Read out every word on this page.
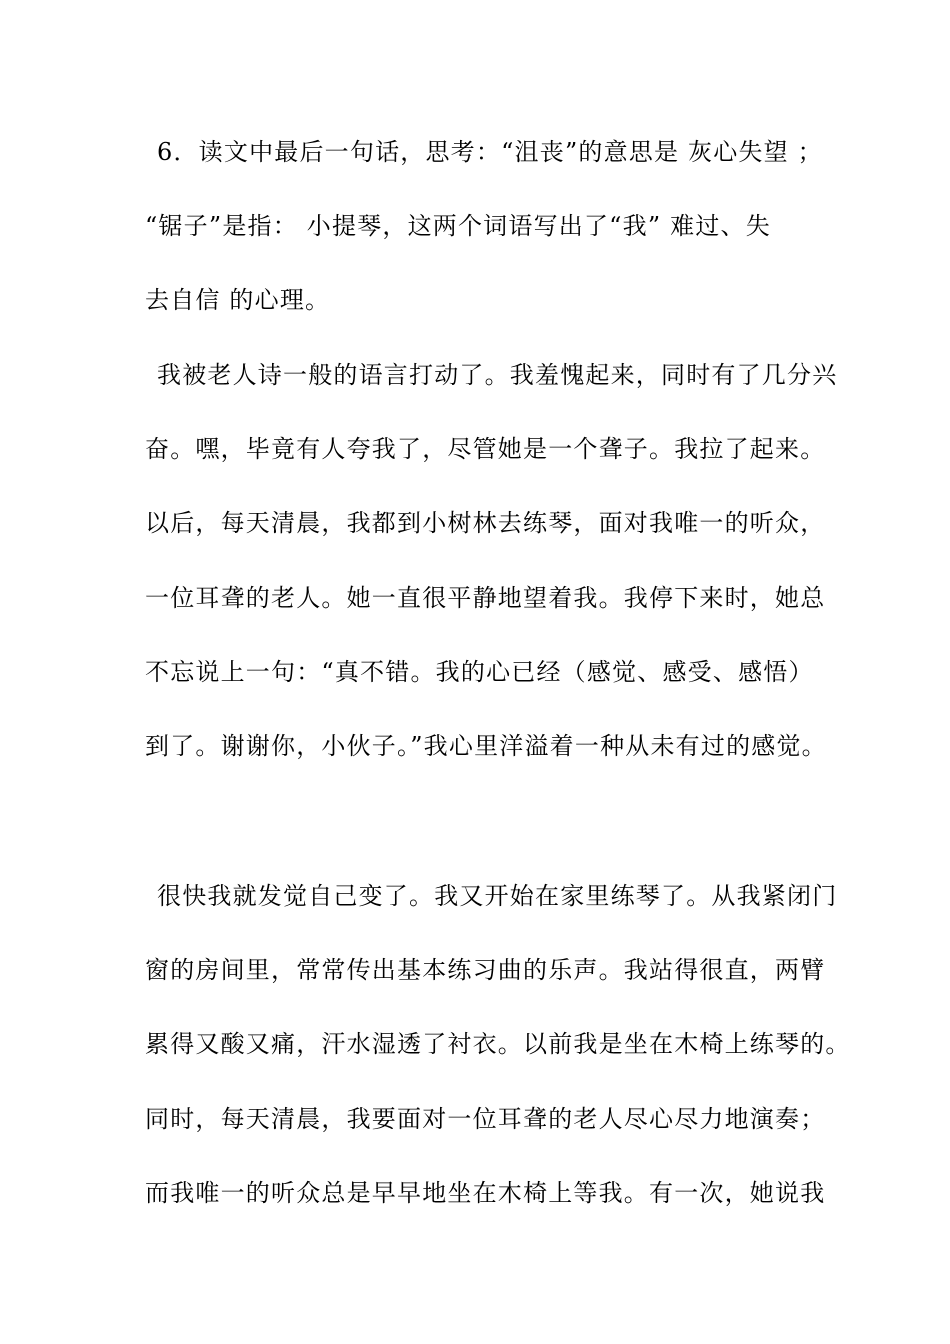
6．读文中最后一句话，思考：“沮丧”的意思是 灰心失望 ；
“锯子”是指： 小提琴，这两个词语写出了“我” 难过、失
去自信 的心理。
我被老人诗一般的语言打动了。我羞愧起来，同时有了几分兴
奋。嘿，毕竟有人夸我了，尽管她是一个聋子。我拉了起来。
以后，每天清晨，我都到小树林去练琴，面对我唯一的听众，
一位耳聋的老人。她一直很平静地望着我。我停下来时，她总
不忘说上一句：“真不错。我的心已经（感觉、感受、感悟）
到了。谢谢你，小伙子。”我心里洋溢着一种从未有过的感觉。
很快我就发觉自己变了。我又开始在家里练琴了。从我紧闭门
窗的房间里，常常传出基本练习曲的乐声。我站得很直，两臂
累得又酸又痛，汗水湿透了衬衣。以前我是坐在木椅上练琴的。
同时，每天清晨，我要面对一位耳聋的老人尽心尽力地演奏；
而我唯一的听众总是早早地坐在木椅上等我。有一次，她说我
